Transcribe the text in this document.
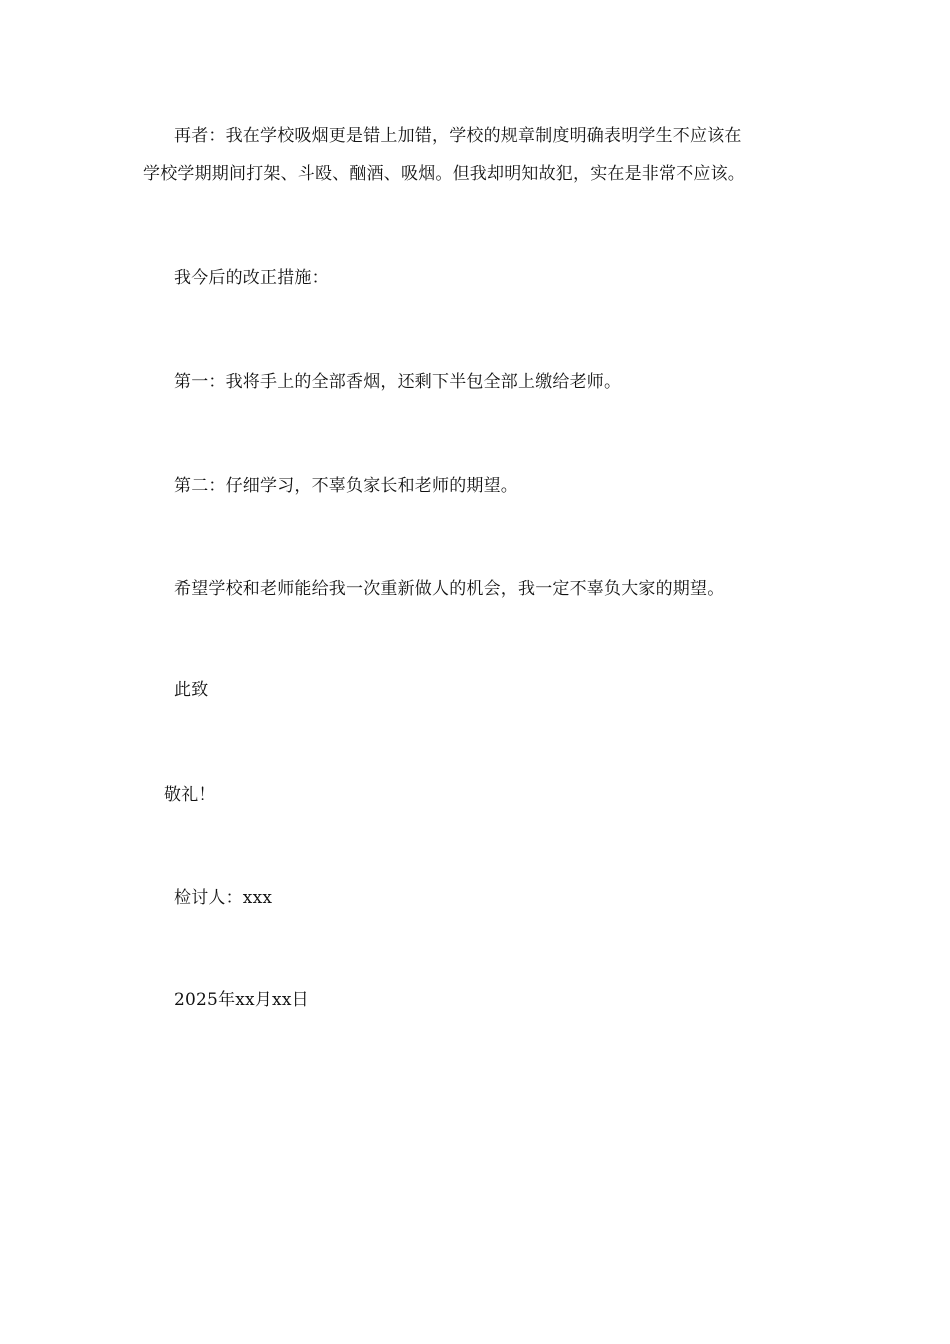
再者：我在学校吸烟更是错上加错，学校的规章制度明确表明学生不应该在
学校学期期间打架、斗殴、酗酒、吸烟。但我却明知故犯，实在是非常不应该。
我今后的改正措施：
第一：我将手上的全部香烟，还剩下半包全部上缴给老师。
第二：仔细学习，不辜负家长和老师的期望。
希望学校和老师能给我一次重新做人的机会，我一定不辜负大家的期望。
此致
敬礼！
检讨人：xxx
2025年xx月xx日
